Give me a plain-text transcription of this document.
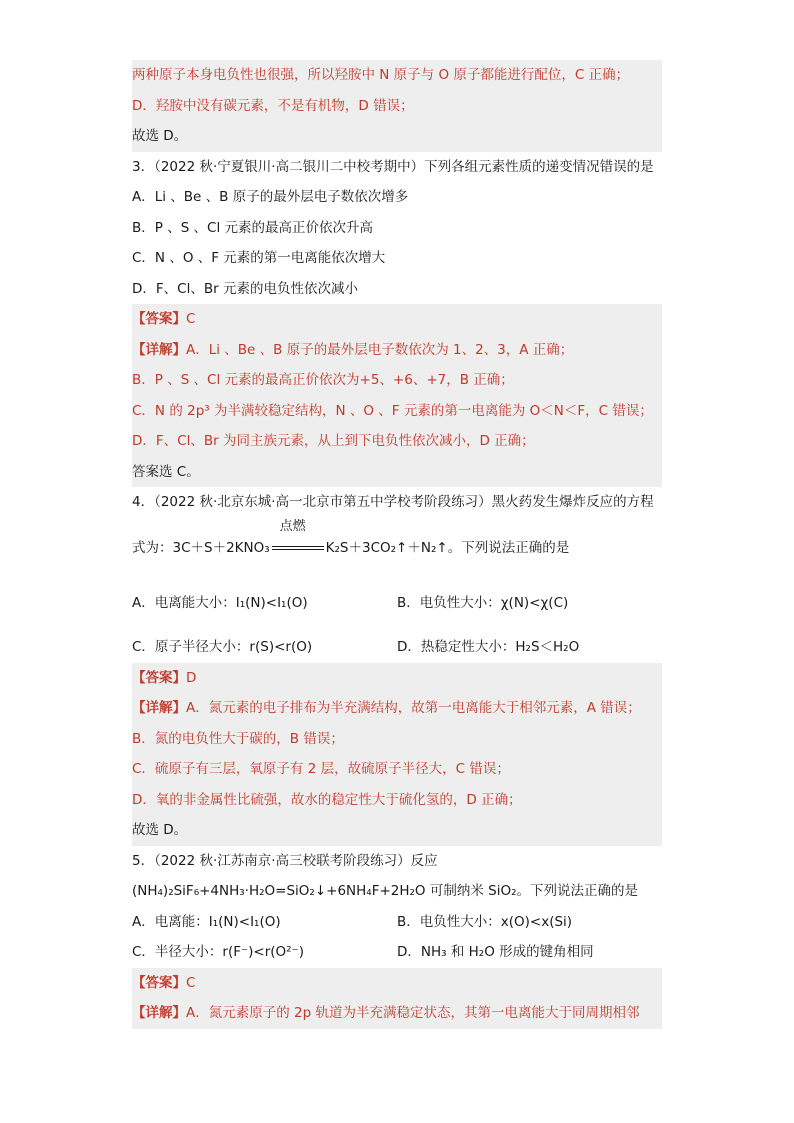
两种原子本身电负性也很强，所以羟胺中 N 原子与 O 原子都能进行配位，C 正确；
D．羟胺中没有碳元素，不是有机物，D 错误；
故选 D。
3．（2022 秋·宁夏银川·高二银川二中校考期中）下列各组元素性质的递变情况错误的是
A．Li 、Be 、B 原子的最外层电子数依次增多
B．P 、S 、Cl 元素的最高正价依次升高
C．N 、O 、F 元素的第一电离能依次增大
D．F、Cl、Br 元素的电负性依次减小
【答案】C
【详解】A．Li 、Be 、B 原子的最外层电子数依次为 1、2、3，A 正确；
B．P 、S 、Cl 元素的最高正价依次为+5、+6、+7，B 正确；
C．N 的 2p³ 为半满较稳定结构，N 、O 、F 元素的第一电离能为 O＜N＜F，C 错误；
D．F、Cl、Br 为同主族元素，从上到下电负性依次减小，D 正确；
答案选 C。
4．（2022 秋·北京东城·高一北京市第五中学校考阶段练习）黑火药发生爆炸反应的方程
式为：3C＋S＋2KNO₃
点燃
K₂S＋3CO₂↑＋N₂↑。下列说法正确的是
A．电离能大小：I₁(N)<I₁(O)	B．电负性大小：χ(N)<χ(C)
C．原子半径大小：r(S)<r(O)	D．热稳定性大小：H₂S＜H₂O
【答案】D
【详解】A．氮元素的电子排布为半充满结构，故第一电离能大于相邻元素，A 错误；
B．氮的电负性大于碳的，B 错误；
C．硫原子有三层，氧原子有 2 层，故硫原子半径大，C 错误；
D．氧的非金属性比硫强，故水的稳定性大于硫化氢的，D 正确；
故选 D。
5．（2022 秋·江苏南京·高三校联考阶段练习）反应
(NH₄)₂SiF₆+4NH₃·H₂O=SiO₂↓+6NH₄F+2H₂O 可制纳米 SiO₂。下列说法正确的是
A．电离能：I₁(N)<I₁(O)	B．电负性大小：x(O)<x(Si)
C．半径大小：r(F⁻)<r(O²⁻)	D．NH₃ 和 H₂O 形成的键角相同
【答案】C
【详解】A．氮元素原子的 2p 轨道为半充满稳定状态，其第一电离能大于同周期相邻
